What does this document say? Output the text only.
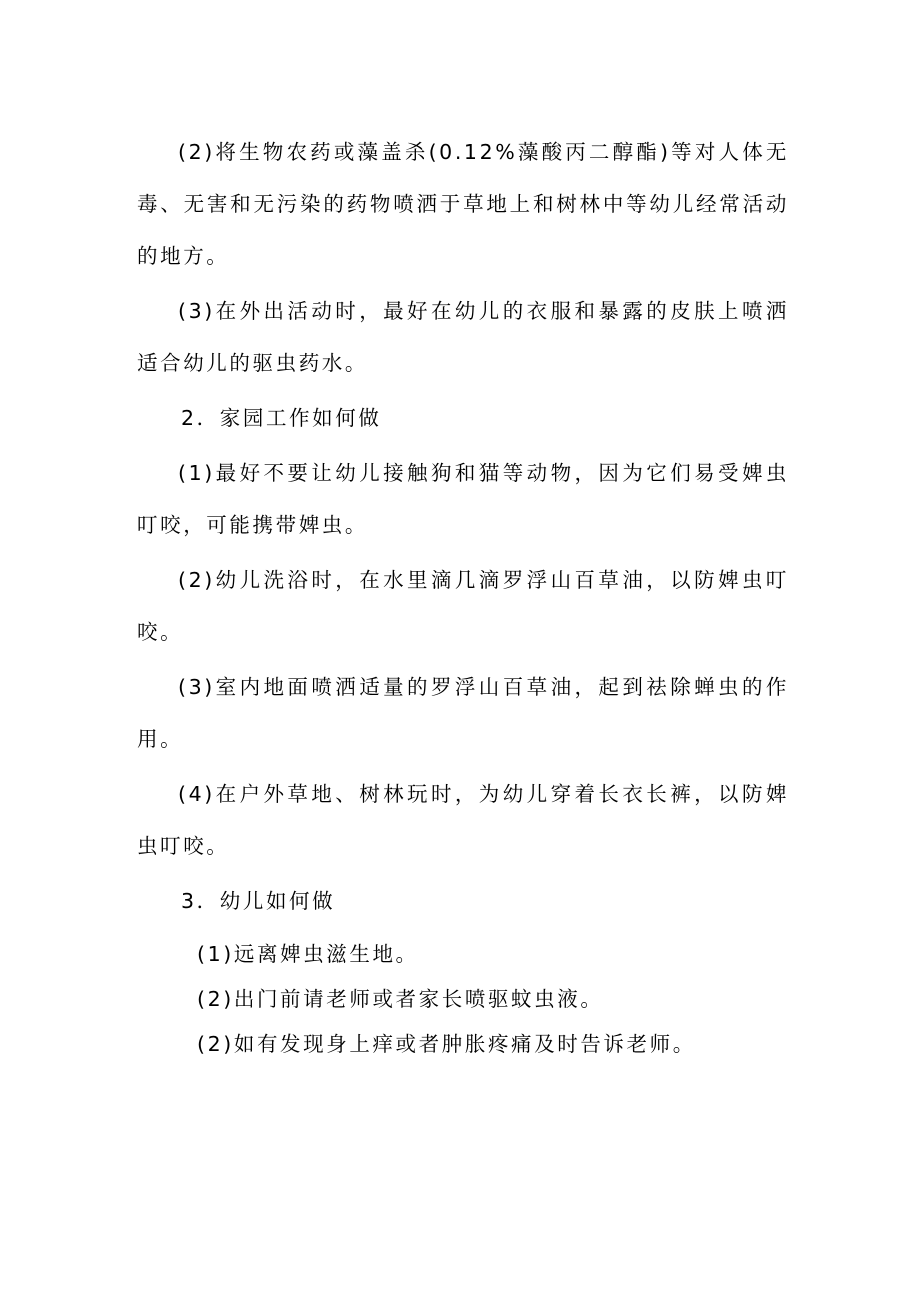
(2)将生物农药或藻盖杀(0.12%藻酸丙二醇酯)等对人体无毒、无害和无污染的药物喷洒于草地上和树林中等幼儿经常活动的地方。

(3)在外出活动时，最好在幼儿的衣服和暴露的皮肤上喷洒适合幼儿的驱虫药水。

2．家园工作如何做

(1)最好不要让幼儿接触狗和猫等动物，因为它们易受婢虫叮咬，可能携带婢虫。

(2)幼儿洗浴时，在水里滴几滴罗浮山百草油，以防婢虫叮咬。

(3)室内地面喷洒适量的罗浮山百草油，起到祛除蝉虫的作用。

(4)在户外草地、树林玩时，为幼儿穿着长衣长裤，以防婢虫叮咬。

3．幼儿如何做

(1)远离婢虫滋生地。

(2)出门前请老师或者家长喷驱蚊虫液。

(2)如有发现身上痒或者肿胀疼痛及时告诉老师。
